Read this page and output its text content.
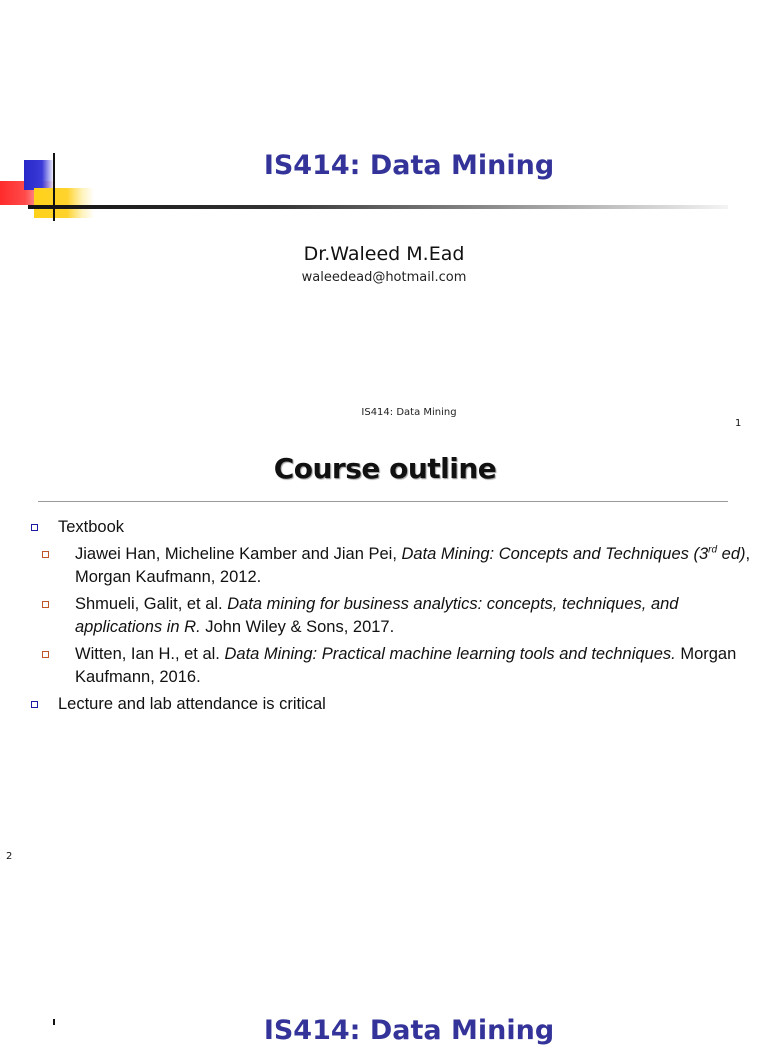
IS414: Data Mining
Dr.Waleed M.Ead
waleedead@hotmail.com
IS414: Data Mining
1
Course outline
Textbook
Jiawei Han, Micheline Kamber and Jian Pei, Data Mining: Concepts and Techniques (3rd ed), Morgan Kaufmann, 2012.
Shmueli, Galit, et al. Data mining for business analytics: concepts, techniques, and applications in R. John Wiley & Sons, 2017.
Witten, Ian H., et al. Data Mining: Practical machine learning tools and techniques. Morgan Kaufmann, 2016.
Lecture and lab attendance is critical
2
IS414: Data Mining
